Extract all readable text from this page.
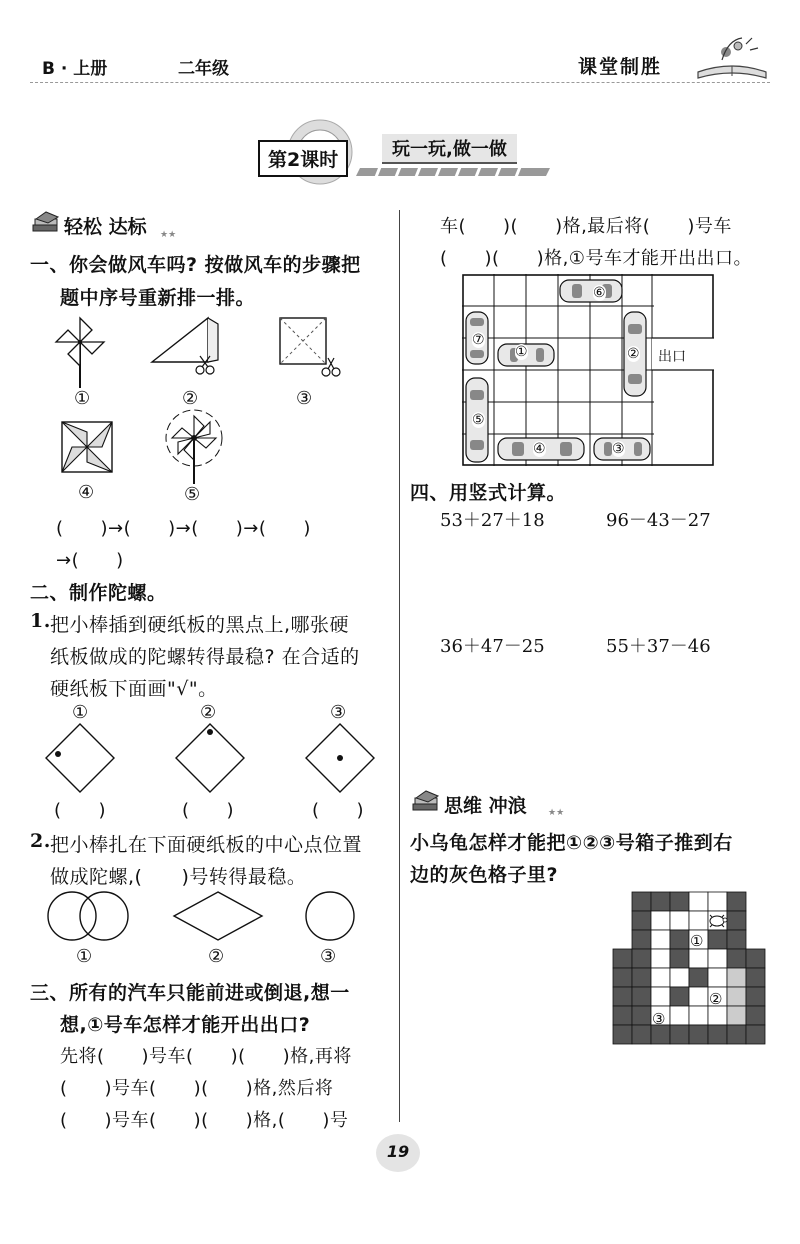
B · 上册	二年级	课堂制胜
第2课时	玩一玩,做一做
轻松 达标 ★★
一、你会做风车吗? 按做风车的步骤把
题中序号重新排一排。
①	②	③
④	⑤
(　　)→(　　)→(　　)→(　　)
→(　　)
二、制作陀螺。
1. 把小棒插到硬纸板的黑点上,哪张硬
纸板做成的陀螺转得最稳? 在合适的
硬纸板下面画"√"。
①	②	③
(　　)	(　　)	(　　)
2. 把小棒扎在下面硬纸板的中心点位置
做成陀螺,(　　)号转得最稳。
①	②	③
三、所有的汽车只能前进或倒退,想一
想,①号车怎样才能开出出口?
先将(　　)号车(　　)(　　)格,再将
(　　)号车(　　)(　　)格,然后将
(　　)号车(　　)(　　)格,(　　)号
车(　　)(　　)格,最后将(　　)号车
(　　)(　　)格,①号车才能开出出口。
①	②
③
④
⑤
⑥
⑦
出口
四、用竖式计算。
53＋27＋18	96－43－27
36＋47－25	55＋37－46
思维 冲浪 ★★
小乌龟怎样才能把①②③号箱子推到右
边的灰色格子里?
①
②
③
19
